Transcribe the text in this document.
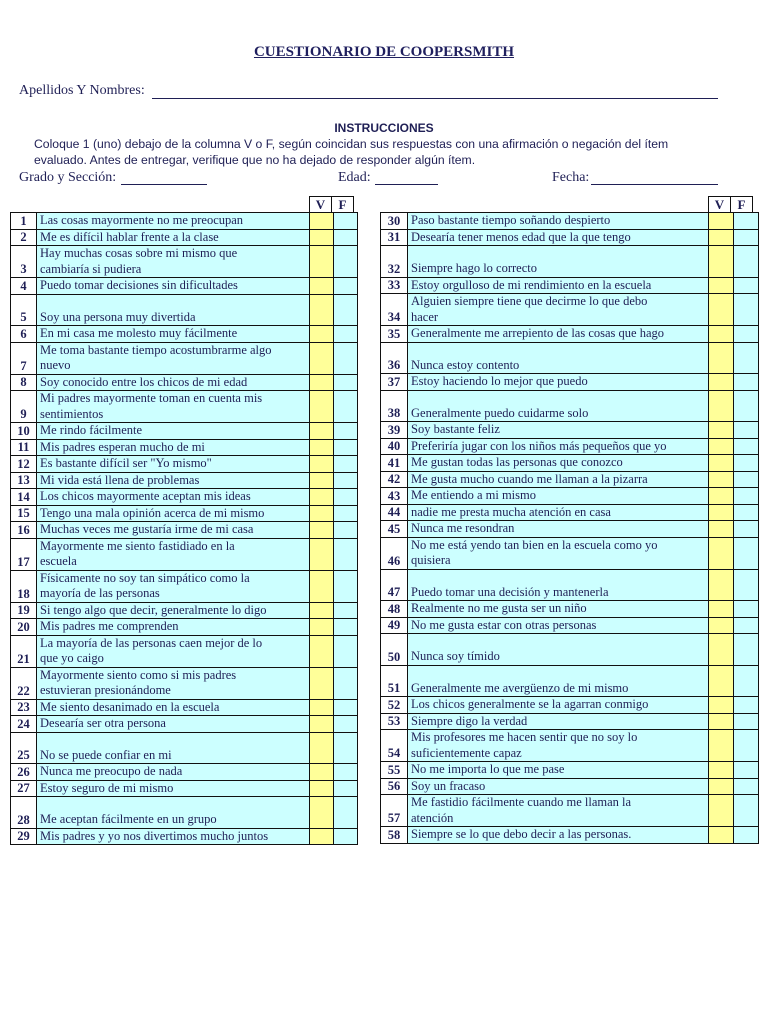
CUESTIONARIO DE COOPERSMITH
Apellidos Y Nombres:
INSTRUCCIONES
Coloque 1 (uno) debajo de la columna V o F, según coincidan sus respuestas con una afirmación o negación del ítem
evaluado. Antes de entregar, verifique que no ha dejado de responder algún ítem.
Grado y Sección:	Edad:	Fecha:
V	F	V	F
1	Las cosas mayormente no me preocupan		

2	Me es difícil hablar frente a la clase		

3	Hay muchas cosas sobre mi mismo que
cambiaría si pudiera		

4	Puedo tomar decisiones sin dificultades		

5	Soy una persona muy divertida		

6	En mi casa me molesto muy fácilmente		

7	Me toma bastante tiempo acostumbrarme algo
nuevo		

8	Soy conocido entre los chicos de mi edad		

9	Mi padres mayormente toman en cuenta mis
sentimientos		

10	Me rindo fácilmente		

11	Mis padres esperan mucho de mi		

12	Es bastante difícil ser "Yo mismo"		

13	Mi vida está llena de problemas		

14	Los chicos mayormente aceptan mis ideas		

15	Tengo una mala opinión acerca de mi mismo		

16	Muchas veces me gustaría irme de mi casa		

17	Mayormente me siento fastidiado en la
escuela		

18	Físicamente no soy tan simpático como la
mayoría de las personas		

19	Si tengo algo que decir, generalmente lo digo		

20	Mis padres me comprenden		

21	La mayoría de las personas caen mejor de lo
que yo caigo		

22	Mayormente siento como si mis padres
estuvieran presionándome		

23	Me siento desanimado en la escuela		

24	Desearía ser otra persona		

25	No se puede confiar en mi		

26	Nunca me preocupo de nada		

27	Estoy seguro de mi mismo		

28	Me aceptan fácilmente en un grupo		

29	Mis padres y yo nos divertimos mucho juntos		

30	Paso bastante tiempo soñando despierto		

31	Desearía tener menos edad que la que tengo		

32	Siempre hago lo correcto		

33	Estoy orgulloso de mi rendimiento en la escuela		

34	Alguien siempre tiene que decirme lo que debo
hacer		

35	Generalmente me arrepiento de las cosas que hago		

36	Nunca estoy contento		

37	Estoy haciendo lo mejor que puedo		

38	Generalmente puedo cuidarme solo		

39	Soy bastante feliz		

40	Preferiría jugar con los niños más pequeños que yo		

41	Me gustan todas las personas que conozco		

42	Me gusta mucho cuando me llaman a la pizarra		

43	Me entiendo a mi mismo		

44	nadie me presta mucha atención en casa		

45	Nunca me resondran		

46	No me está yendo tan bien en la escuela como yo
quisiera		

47	Puedo tomar una decisión y mantenerla		

48	Realmente no me gusta ser un niño		

49	No me gusta estar con otras personas		

50	Nunca soy tímido		

51	Generalmente me avergüenzo de mi mismo		

52	Los chicos generalmente se la agarran conmigo		

53	Siempre digo la verdad		

54	Mis profesores me hacen sentir que no soy lo
suficientemente capaz		

55	No me importa lo que me pase		

56	Soy un fracaso		

57	Me fastidio fácilmente cuando me llaman la
atención		

58	Siempre se lo que debo decir a las personas.		
